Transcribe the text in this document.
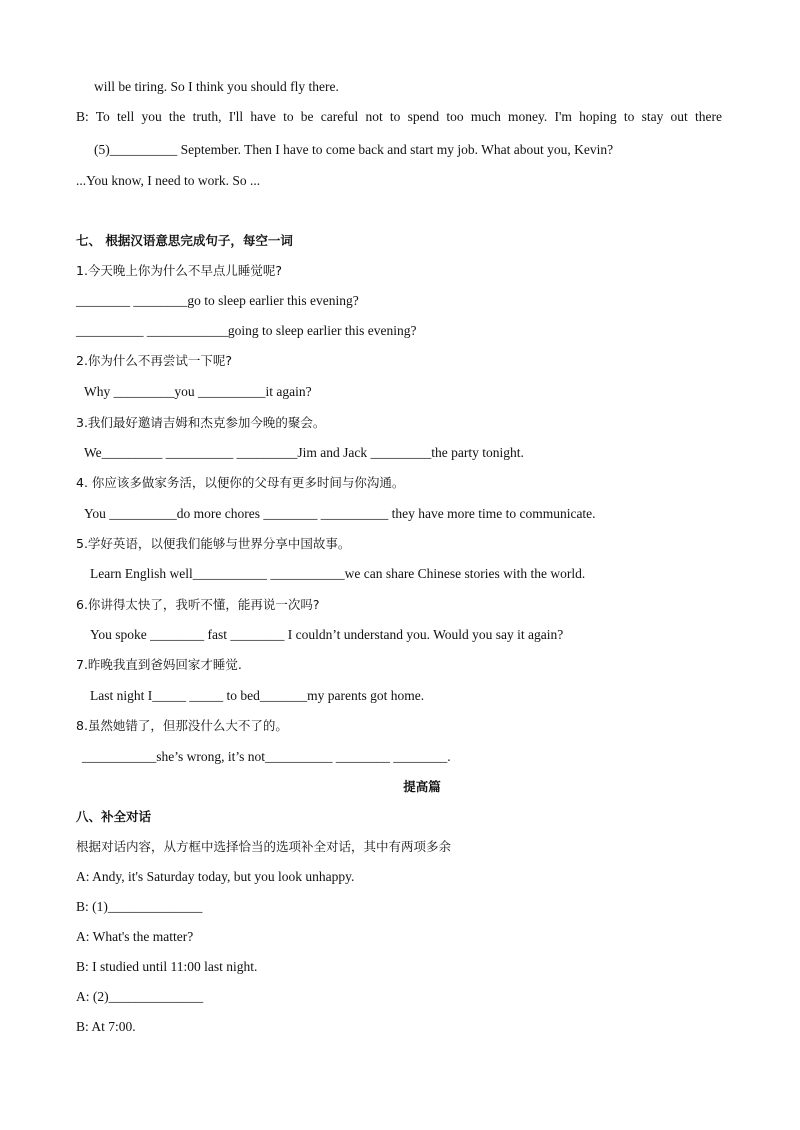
will be tiring. So I think you should fly there.
B: To tell you the truth, I'll have to be careful not to spend too much money. I'm hoping to stay out there
(5)__________ September. Then I have to come back and start my job. What about you, Kevin?
...You know, I need to work. So ...
七、 根据汉语意思完成句子，每空一词
1.今天晚上你为什么不早点儿睡觉呢?
________ ________go to sleep earlier this evening?
__________ ____________going to sleep earlier this evening?
2.你为什么不再尝试一下呢?
Why _________you __________it again?
3.我们最好邀请吉姆和杰克参加今晚的聚会。
We_________ __________ _________Jim and Jack _________the party tonight.
4. 你应该多做家务活，以便你的父母有更多时间与你沟通。
You __________do more chores ________ __________ they have more time to communicate.
5.学好英语，以便我们能够与世界分享中国故事。
Learn English well___________ ___________we can share Chinese stories with the world.
6.你讲得太快了，我听不懂，能再说一次吗?
You spoke ________ fast ________ I couldn’t understand you. Would you say it again?
7.昨晚我直到爸妈回家才睡觉.
Last night I_____ _____ to bed_______my parents got home.
8.虽然她错了，但那没什么大不了的。
___________she’s wrong, it’s not__________ ________ ________.
提高篇
八、补全对话
根据对话内容，从方框中选择恰当的选项补全对话，其中有两项多余
A: Andy, it's Saturday today, but you look unhappy.
B: (1)______________
A: What's the matter?
B: I studied until 11:00 last night.
A: (2)______________
B: At 7:00.
